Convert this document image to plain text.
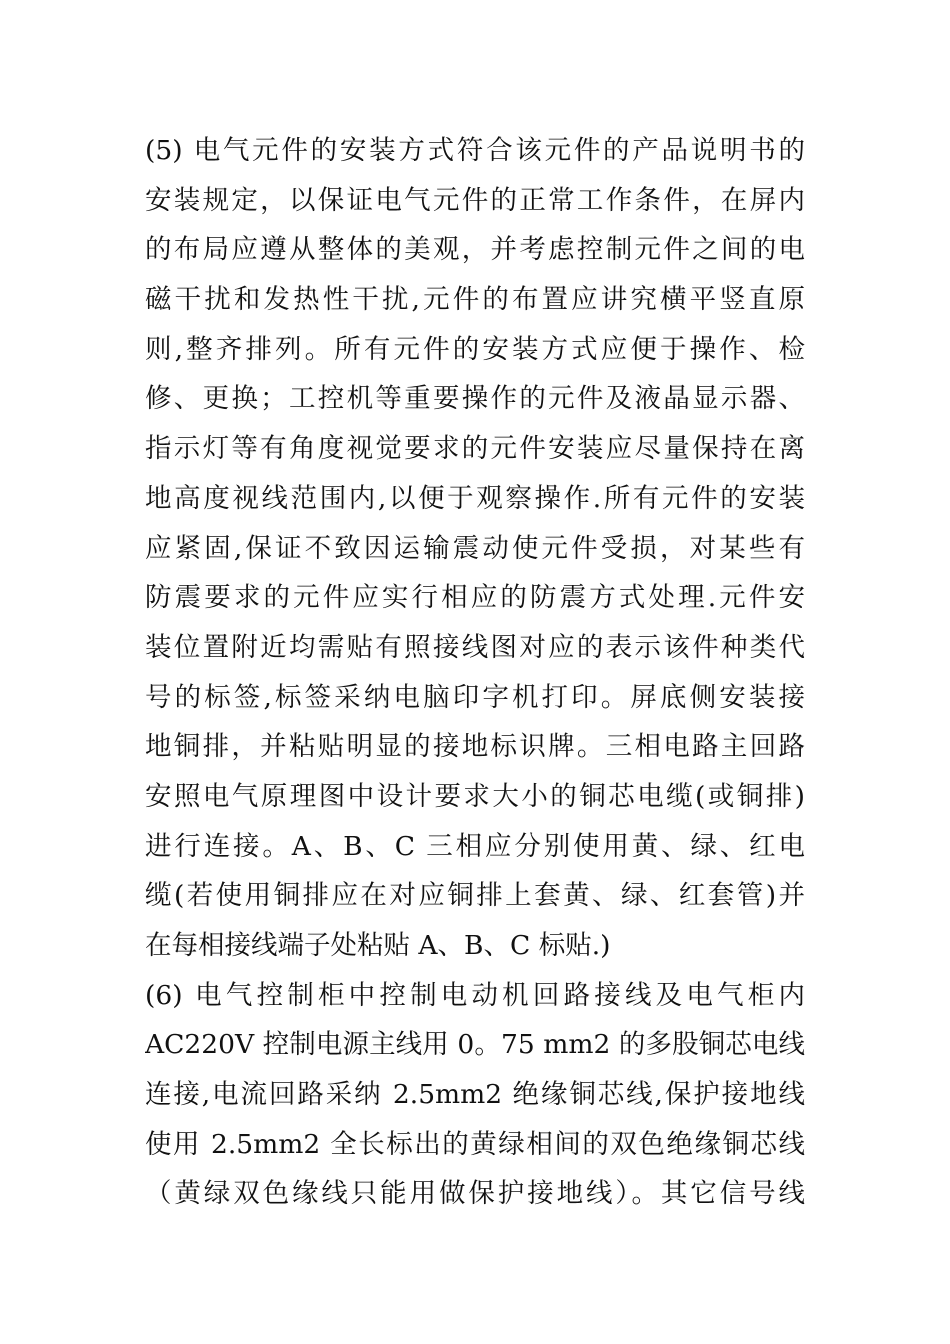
(5) 电气元件的安装方式符合该元件的产品说明书的
安装规定，以保证电气元件的正常工作条件，在屏内
的布局应遵从整体的美观，并考虑控制元件之间的电
磁干扰和发热性干扰,元件的布置应讲究横平竖直原
则,整齐排列。所有元件的安装方式应便于操作、检
修、更换；工控机等重要操作的元件及液晶显示器、
指示灯等有角度视觉要求的元件安装应尽量保持在离
地高度视线范围内,以便于观察操作.所有元件的安装
应紧固,保证不致因运输震动使元件受损，对某些有
防震要求的元件应实行相应的防震方式处理.元件安
装位置附近均需贴有照接线图对应的表示该件种类代
号的标签,标签采纳电脑印字机打印。屏底侧安装接
地铜排，并粘贴明显的接地标识牌。三相电路主回路
安照电气原理图中设计要求大小的铜芯电缆(或铜排)
进行连接。A、B、C 三相应分别使用黄、绿、红电
缆(若使用铜排应在对应铜排上套黄、绿、红套管)并
在每相接线端子处粘贴 A、B、C 标贴.)
(6) 电气控制柜中控制电动机回路接线及电气柜内
AC220V 控制电源主线用 0。75 mm2 的多股铜芯电线
连接,电流回路采纳 2.5mm2 绝缘铜芯线,保护接地线
使用 2.5mm2 全长标出的黄绿相间的双色绝缘铜芯线
（黄绿双色缘线只能用做保护接地线）。其它信号线
